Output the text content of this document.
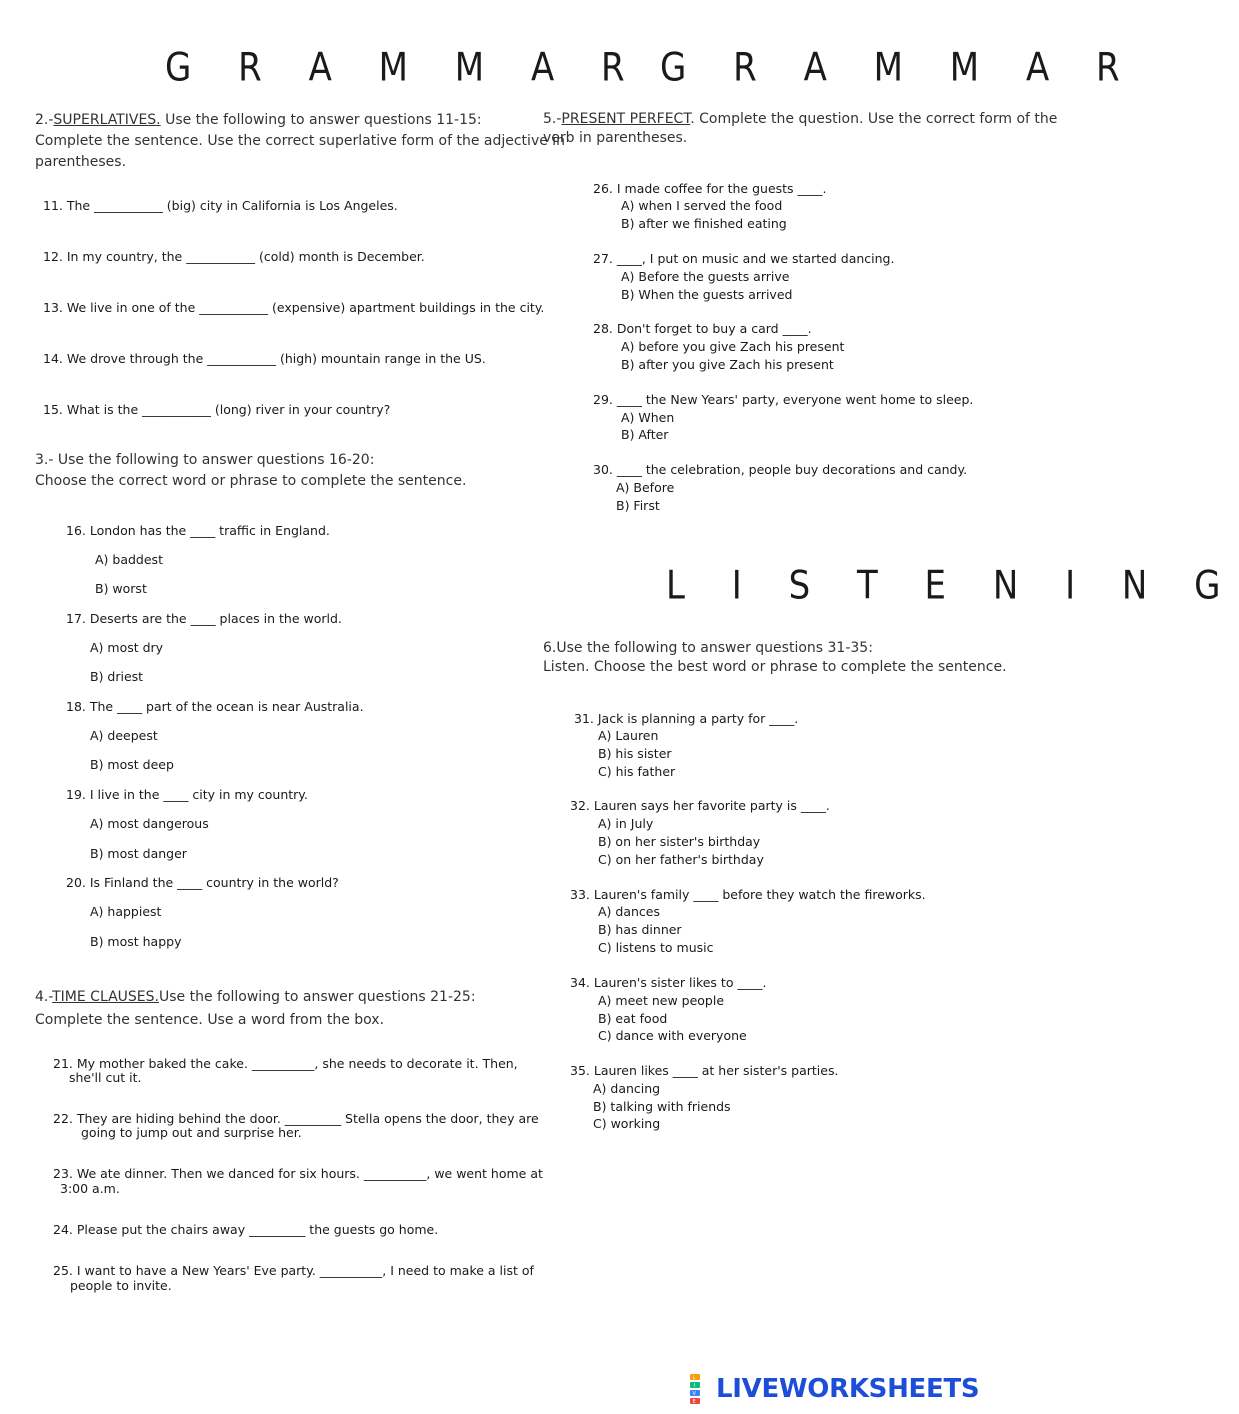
G R A M M A R
2.-SUPERLATIVES. Use the following to answer questions 11-15:
Complete the sentence. Use the correct superlative form of the adjective in
parentheses.
11. The ___________ (big) city in California is Los Angeles.
12. In my country, the ___________ (cold) month is December.
13. We live in one of the ___________ (expensive) apartment buildings in the city.
14. We drove through the ___________ (high) mountain range in the US.
15. What is the ___________ (long) river in your country?
3.- Use the following to answer questions 16-20:
Choose the correct word or phrase to complete the sentence.
16. London has the ____ traffic in England.
A) baddest
B) worst
17. Deserts are the ____ places in the world.
A) most dry
B) driest
18. The ____ part of the ocean is near Australia.
A) deepest
B) most deep
19. I live in the ____ city in my country.
A) most dangerous
B) most danger
20. Is Finland the ____ country in the world?
A) happiest
B) most happy
4.-TIME CLAUSES.Use the following to answer questions 21-25:
Complete the sentence. Use a word from the box.
21. My mother baked the cake. __________, she needs to decorate it. Then,
she'll cut it.
22. They are hiding behind the door. _________ Stella opens the door, they are
going to jump out and surprise her.
23. We ate dinner. Then we danced for six hours. __________, we went home at
3:00 a.m.
24. Please put the chairs away _________ the guests go home.
25. I want to have a New Years' Eve party. __________, I need to make a list of
people to invite.
G R A M M A R
5.-PRESENT PERFECT. Complete the question. Use the correct form of the
verb in parentheses.
26. I made coffee for the guests ____.
A) when I served the food
B) after we finished eating
27. ____, I put on music and we started dancing.
A) Before the guests arrive
B) When the guests arrived
28. Don't forget to buy a card ____.
A) before you give Zach his present
B) after you give Zach his present
29. ____ the New Years' party, everyone went home to sleep.
A) When
B) After
30. ____ the celebration, people buy decorations and candy.
A) Before
B) First
L I S T E N I N G
6.Use the following to answer questions 31-35:
Listen. Choose the best word or phrase to complete the sentence.
31. Jack is planning a party for ____.
A) Lauren
B) his sister
C) his father
32. Lauren says her favorite party is ____.
A) in July
B) on her sister's birthday
C) on her father's birthday
33. Lauren's family ____ before they watch the fireworks.
A) dances
B) has dinner
C) listens to music
34. Lauren's sister likes to ____.
A) meet new people
B) eat food
C) dance with everyone
35. Lauren likes ____ at her sister's parties.
A) dancing
B) talking with friends
C) working
L
I
V
E LIVEWORKSHEETS
